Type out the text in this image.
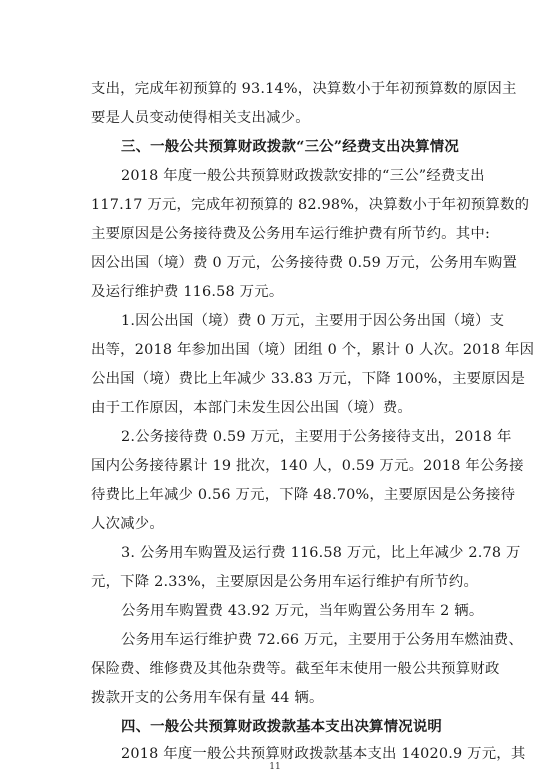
支出，完成年初预算的 93.14%，决算数小于年初预算数的原因主
要是人员变动使得相关支出减少。
三、一般公共预算财政拨款“三公”经费支出决算情况
2018 年度一般公共预算财政拨款安排的“三公”经费支出
117.17 万元，完成年初预算的 82.98%，决算数小于年初预算数的
主要原因是公务接待费及公务用车运行维护费有所节约。其中:
因公出国（境）费 0 万元，公务接待费 0.59 万元，公务用车购置
及运行维护费 116.58 万元。
1.因公出国（境）费 0 万元，主要用于因公务出国（境）支
出等，2018 年参加出国（境）团组 0 个，累计 0 人次。2018 年因
公出国（境）费比上年减少 33.83 万元，下降 100%，主要原因是
由于工作原因，本部门未发生因公出国（境）费。
2.公务接待费 0.59 万元，主要用于公务接待支出，2018 年
国内公务接待累计 19 批次，140 人，0.59 万元。2018 年公务接
待费比上年减少 0.56 万元，下降 48.70%，主要原因是公务接待
人次减少。
3. 公务用车购置及运行费 116.58 万元，比上年减少 2.78 万
元，下降 2.33%，主要原因是公务用车运行维护有所节约。
公务用车购置费 43.92 万元，当年购置公务用车 2 辆。
公务用车运行维护费 72.66 万元，主要用于公务用车燃油费、
保险费、维修费及其他杂费等。截至年末使用一般公共预算财政
拨款开支的公务用车保有量 44 辆。
四、一般公共预算财政拨款基本支出决算情况说明
11
2018 年度一般公共预算财政拨款基本支出 14020.9 万元，其
